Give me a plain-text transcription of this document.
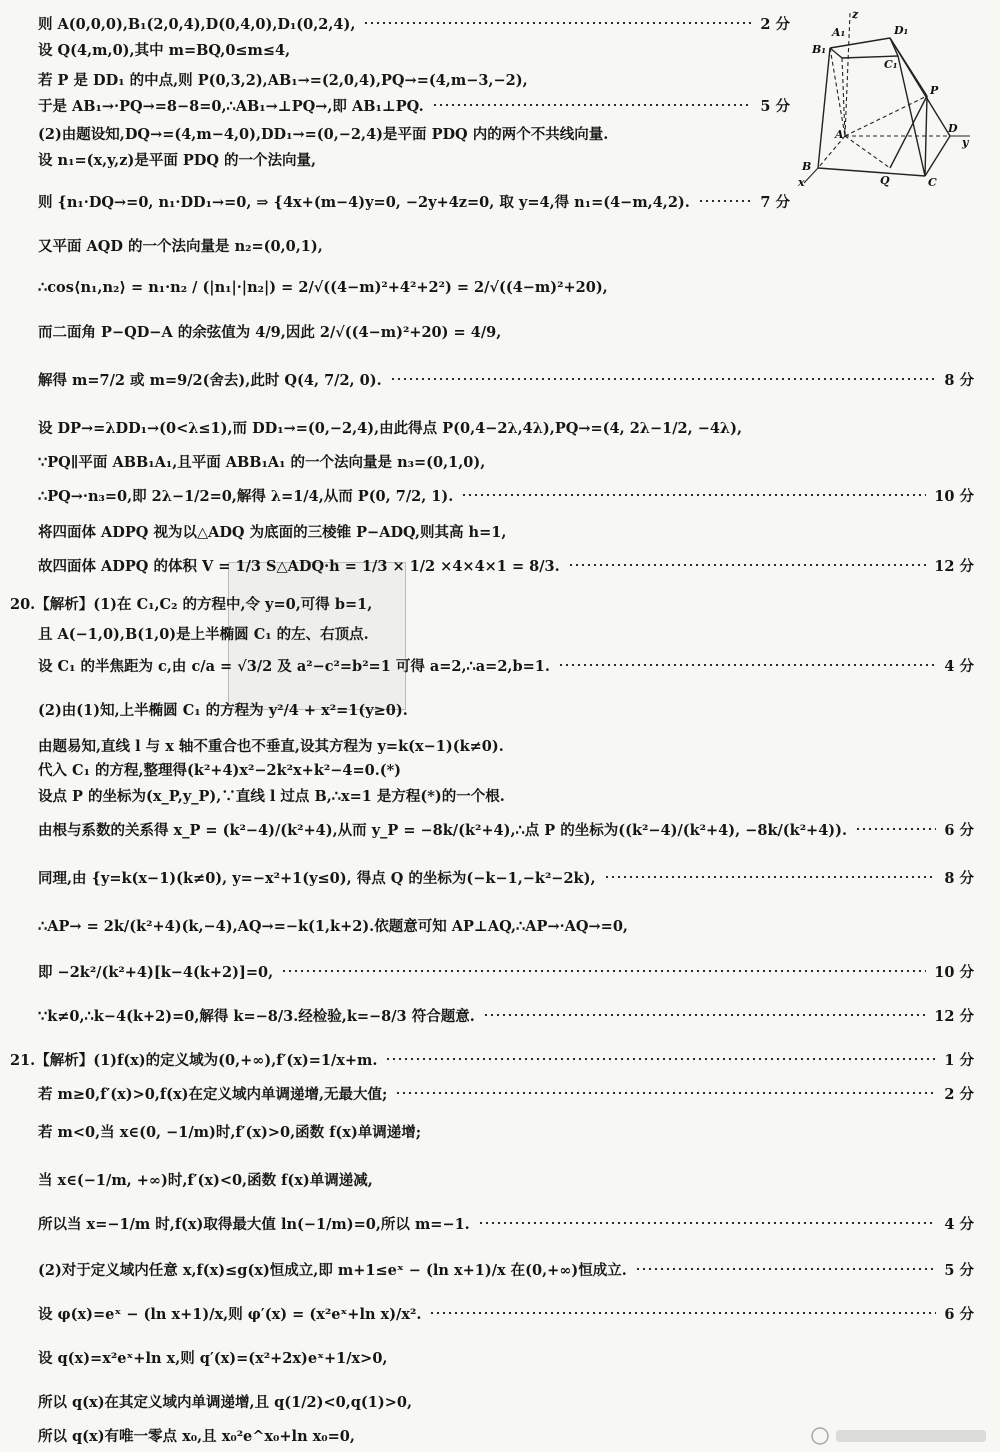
z
A₁	D₁
B₁
C₁
P
A	D
y
B
x	Q	C
则 A(0,0,0),B₁(2,0,4),D(0,4,0),D₁(0,2,4),	2 分
设 Q(4,m,0),其中 m=BQ,0≤m≤4,
若 P 是 DD₁ 的中点,则 P(0,3,2),AB₁→=(2,0,4),PQ→=(4,m−3,−2),
于是 AB₁→·PQ→=8−8=0,∴AB₁→⊥PQ→,即 AB₁⊥PQ.	5 分
(2)由题设知,DQ→=(4,m−4,0),DD₁→=(0,−2,4)是平面 PDQ 内的两个不共线向量.
设 n₁=(x,y,z)是平面 PDQ 的一个法向量,
则 {n₁·DQ→=0, n₁·DD₁→=0, ⇒ {4x+(m−4)y=0, −2y+4z=0, 取 y=4,得 n₁=(4−m,4,2).	7 分
又平面 AQD 的一个法向量是 n₂=(0,0,1),
∴cos⟨n₁,n₂⟩ = n₁·n₂ / (|n₁|·|n₂|) = 2/√((4−m)²+4²+2²) = 2/√((4−m)²+20),
而二面角 P−QD−A 的余弦值为 4/9,因此 2/√((4−m)²+20) = 4/9,
解得 m=7/2 或 m=9/2(舍去),此时 Q(4, 7/2, 0).	8 分
设 DP→=λDD₁→(0<λ≤1),而 DD₁→=(0,−2,4),由此得点 P(0,4−2λ,4λ),PQ→=(4, 2λ−1/2, −4λ),
∵PQ∥平面 ABB₁A₁,且平面 ABB₁A₁ 的一个法向量是 n₃=(0,1,0),
∴PQ→·n₃=0,即 2λ−1/2=0,解得 λ=1/4,从而 P(0, 7/2, 1).	10 分
将四面体 ADPQ 视为以△ADQ 为底面的三棱锥 P−ADQ,则其高 h=1,
故四面体 ADPQ 的体积 V = 1/3 S△ADQ·h = 1/3 × 1/2 ×4×4×1 = 8/3.	12 分
20.【解析】(1)在 C₁,C₂ 的方程中,令 y=0,可得 b=1,
且 A(−1,0),B(1,0)是上半椭圆 C₁ 的左、右顶点.
设 C₁ 的半焦距为 c,由 c/a = √3/2 及 a²−c²=b²=1 可得 a=2,∴a=2,b=1.	4 分
(2)由(1)知,上半椭圆 C₁ 的方程为 y²/4 + x²=1(y≥0).
由题易知,直线 l 与 x 轴不重合也不垂直,设其方程为 y=k(x−1)(k≠0).
代入 C₁ 的方程,整理得(k²+4)x²−2k²x+k²−4=0.(*)
设点 P 的坐标为(x_P,y_P),∵直线 l 过点 B,∴x=1 是方程(*)的一个根.
由根与系数的关系得 x_P = (k²−4)/(k²+4),从而 y_P = −8k/(k²+4),∴点 P 的坐标为((k²−4)/(k²+4), −8k/(k²+4)).	6 分
同理,由 {y=k(x−1)(k≠0), y=−x²+1(y≤0), 得点 Q 的坐标为(−k−1,−k²−2k),	8 分
∴AP→ = 2k/(k²+4)(k,−4),AQ→=−k(1,k+2).依题意可知 AP⊥AQ,∴AP→·AQ→=0,
即 −2k²/(k²+4)[k−4(k+2)]=0,	10 分
∵k≠0,∴k−4(k+2)=0,解得 k=−8/3.经检验,k=−8/3 符合题意.	12 分
21.【解析】(1)f(x)的定义域为(0,+∞),f′(x)=1/x+m.	1 分
若 m≥0,f′(x)>0,f(x)在定义域内单调递增,无最大值;	2 分
若 m<0,当 x∈(0, −1/m)时,f′(x)>0,函数 f(x)单调递增;
当 x∈(−1/m, +∞)时,f′(x)<0,函数 f(x)单调递减,
所以当 x=−1/m 时,f(x)取得最大值 ln(−1/m)=0,所以 m=−1.	4 分
(2)对于定义域内任意 x,f(x)≤g(x)恒成立,即 m+1≤eˣ − (ln x+1)/x 在(0,+∞)恒成立.	5 分
设 φ(x)=eˣ − (ln x+1)/x,则 φ′(x) = (x²eˣ+ln x)/x².	6 分
设 q(x)=x²eˣ+ln x,则 q′(x)=(x²+2x)eˣ+1/x>0,
所以 q(x)在其定义域内单调递增,且 q(1/2)<0,q(1)>0,
所以 q(x)有唯一零点 x₀,且 x₀²e^x₀+ln x₀=0,
